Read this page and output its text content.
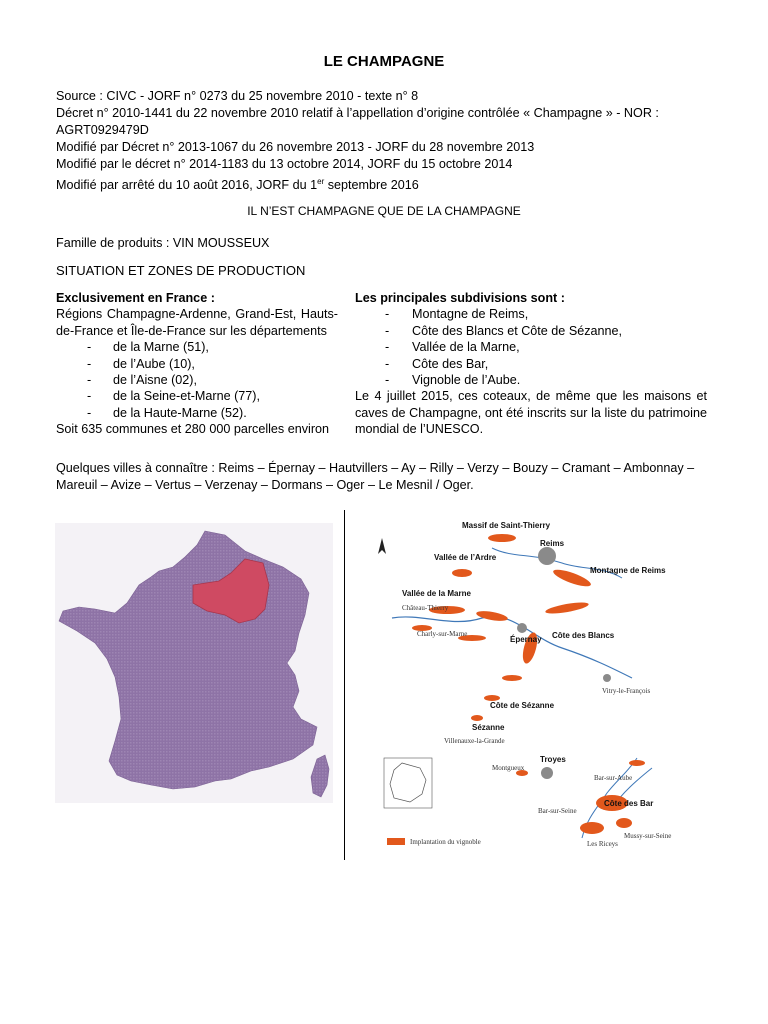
LE CHAMPAGNE
Source : CIVC - JORF n° 0273 du 25 novembre 2010 - texte n° 8
Décret n° 2010-1441 du 22 novembre 2010 relatif à l’appellation d’origine contrôlée « Champagne » - NOR :
AGRT0929479D
Modifié par Décret n° 2013-1067 du 26 novembre 2013 - JORF du 28 novembre 2013
Modifié par le décret n° 2014-1183 du 13 octobre 2014, JORF du 15 octobre 2014
Modifié par arrêté du 10 août 2016, JORF du 1er septembre 2016
IL N’EST CHAMPAGNE QUE DE LA CHAMPAGNE
Famille de produits : VIN MOUSSEUX
SITUATION ET ZONES DE PRODUCTION
Exclusivement en France :
Régions Champagne-Ardenne, Grand-Est, Hauts-de-France et Île-de-France sur les départements
- de la Marne (51),
- de l’Aube (10),
- de l’Aisne (02),
- de la Seine-et-Marne (77),
- de la Haute-Marne (52).
Soit 635 communes et 280 000 parcelles environ
Les principales subdivisions sont :
- Montagne de Reims,
- Côte des Blancs et Côte de Sézanne,
- Vallée de la Marne,
- Côte des Bar,
- Vignoble de l’Aube.
Le 4 juillet 2015, ces coteaux, de même que les maisons et caves de Champagne, ont été inscrits sur la liste du patrimoine mondial de l’UNESCO.
Quelques villes à connaître : Reims – Épernay – Hautvillers – Ay – Rilly – Verzy – Bouzy – Cramant – Ambonnay – Mareuil – Avize – Vertus – Verzenay – Dormans – Oger – Le Mesnil / Oger.
Massif de Saint-Thierry
Reims
Vallée de l’Ardre
Montagne de Reims
Vallée de la Marne
Château-Thierry
Épernay Côte des Blancs
Charly-sur-Marne
Vitry-le-François
Sézanne
Côte de Sézanne
Villenauxe-la-Grande
Troyes
Montgueux
Bar-sur-Aube
Côte des Bar
Bar-sur-Seine
Mussy-sur-Seine
Les Riceys
Implantation du vignoble
